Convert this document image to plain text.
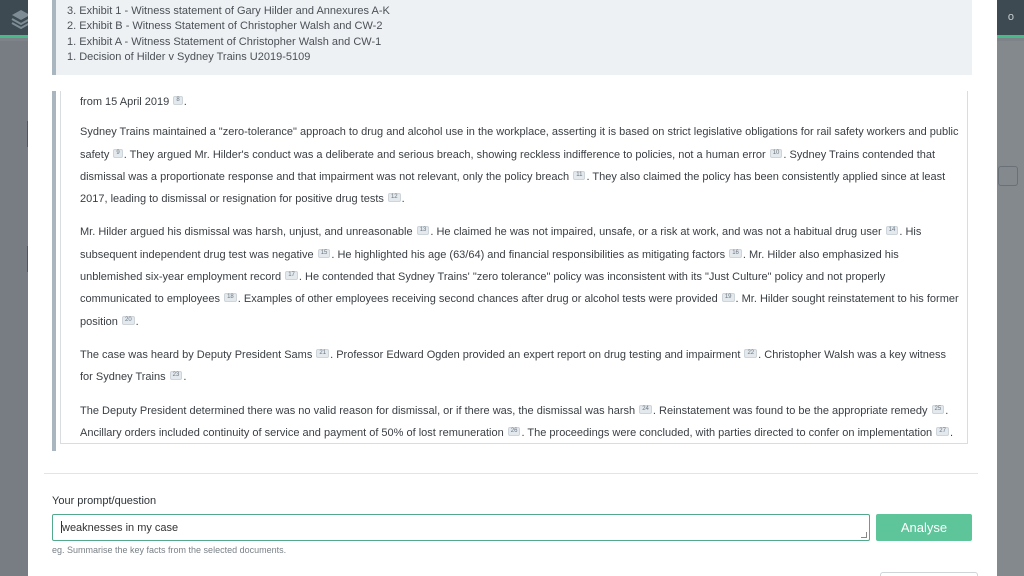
o
3. Exhibit 1 - Witness statement of Gary Hilder and Annexures A-K
2. Exhibit B - Witness Statement of Christopher Walsh and CW-2
1. Exhibit A - Witness Statement of Christopher Walsh and CW-1
1. Decision of Hilder v Sydney Trains U2019-5109

from 15 April 2019 8 .

Sydney Trains maintained a "zero-tolerance" approach to drug and alcohol use in the workplace, asserting it is based on strict legislative obligations for rail safety workers and public safety 9 . They argued Mr. Hilder's conduct was a deliberate and serious breach, showing reckless indifference to policies, not a human error 10 . Sydney Trains contended that dismissal was a proportionate response and that impairment was not relevant, only the policy breach 11 . They also claimed the policy has been consistently applied since at least 2017, leading to dismissal or resignation for positive drug tests 12 .

Mr. Hilder argued his dismissal was harsh, unjust, and unreasonable 13 . He claimed he was not impaired, unsafe, or a risk at work, and was not a habitual drug user 14 . His subsequent independent drug test was negative 15 . He highlighted his age (63/64) and financial responsibilities as mitigating factors 16 . Mr. Hilder also emphasized his unblemished six-year employment record 17 . He contended that Sydney Trains' "zero tolerance" policy was inconsistent with its "Just Culture" policy and not properly communicated to employees 18 . Examples of other employees receiving second chances after drug or alcohol tests were provided 19 . Mr. Hilder sought reinstatement to his former position 20 .

The case was heard by Deputy President Sams 21 . Professor Edward Ogden provided an expert report on drug testing and impairment 22 . Christopher Walsh was a key witness for Sydney Trains 23 .

The Deputy President determined there was no valid reason for dismissal, or if there was, the dismissal was harsh 24 . Reinstatement was found to be the appropriate remedy 25 . Ancillary orders included continuity of service and payment of 50% of lost remuneration 26 . The proceedings were concluded, with parties directed to confer on implementation 27 .

Your prompt/question
weaknesses in my case	Analyse
eg. Summarise the key facts from the selected documents.
